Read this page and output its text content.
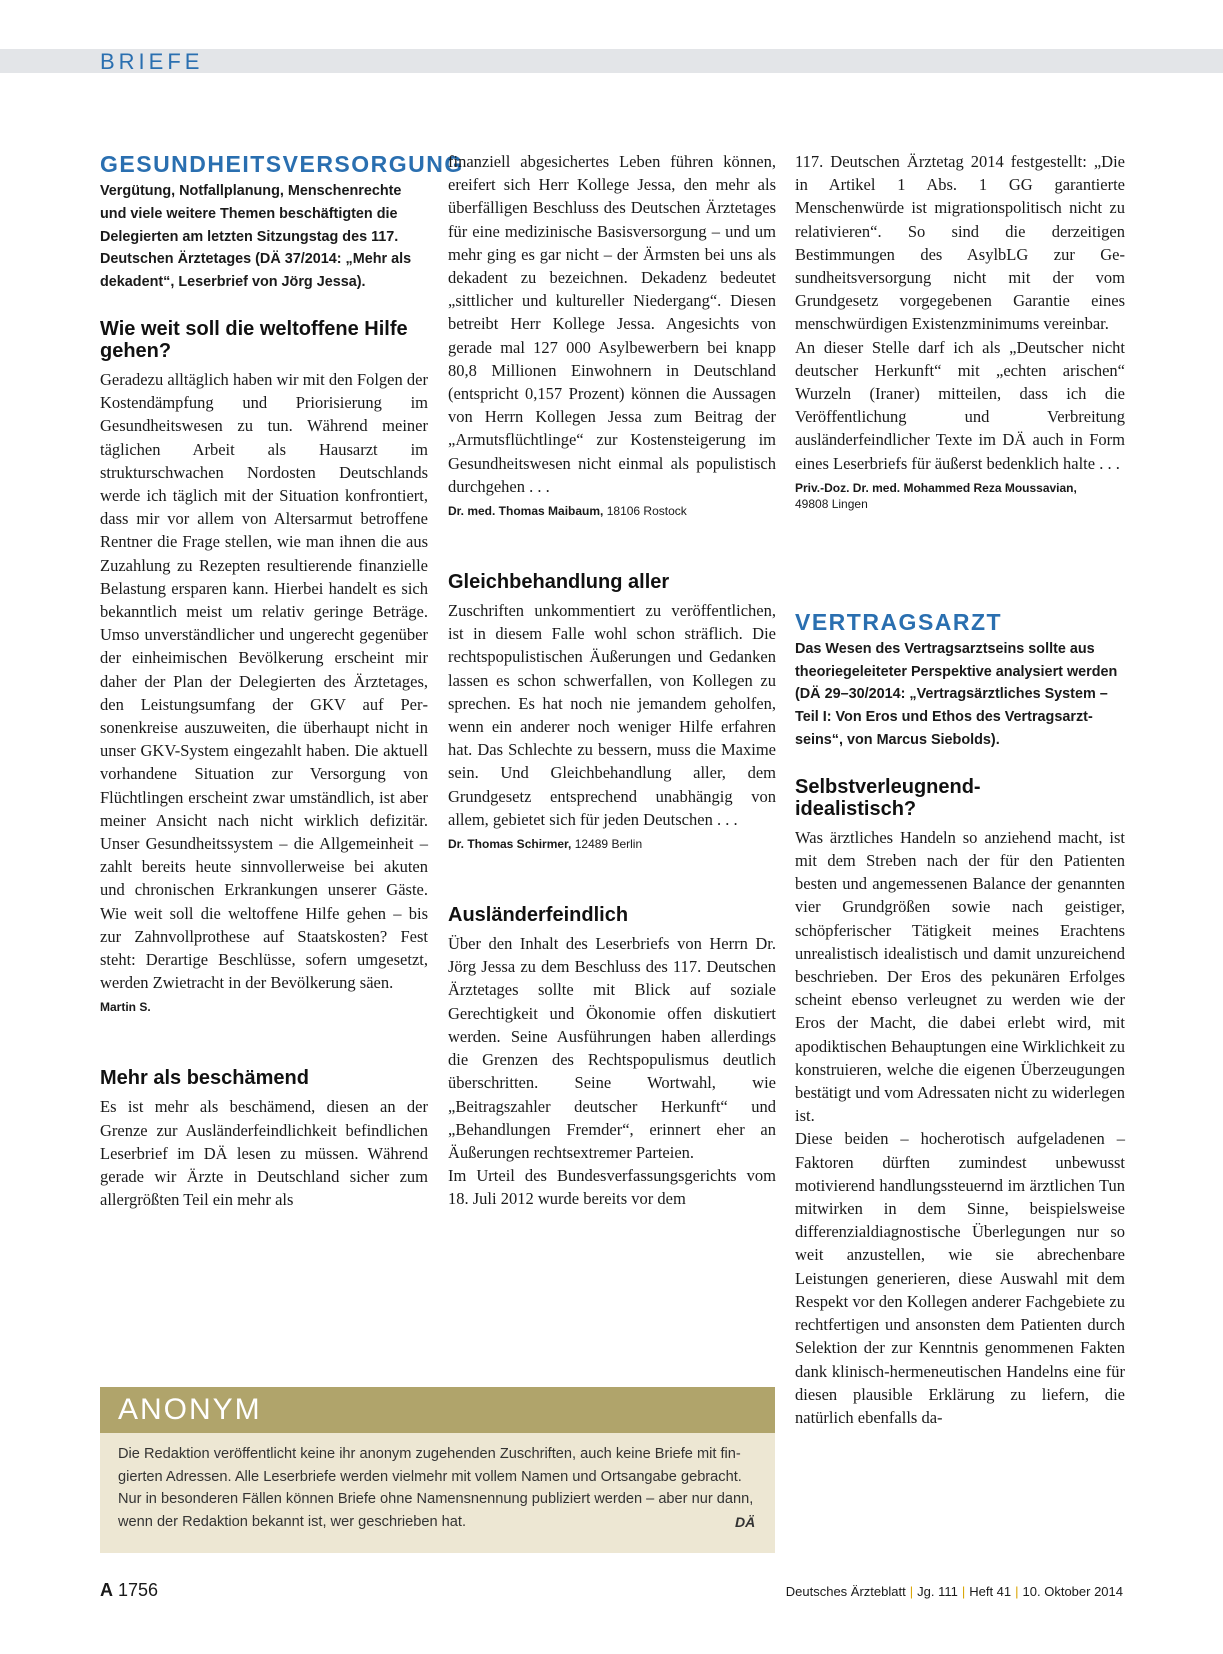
BRIEFE
GESUNDHEITSVERSORGUNG

Vergütung, Notfallplanung, Menschenrechte und viele weitere Themen beschäftigten die Delegierten am letzten Sitzungstag des 117. Deutschen Ärztetages (DÄ 37/2014: „Mehr als dekadent“, Leserbrief von Jörg Jessa).

Wie weit soll die weltoffene Hilfe gehen?

Geradezu alltäglich haben wir mit den Folgen der Kostendämpfung und Priorisierung im Gesundheitswesen zu tun. Während meiner täglichen Arbeit als Hausarzt im strukturschwachen Nordosten Deutschlands werde ich täglich mit der Situation konfrontiert, dass mir vor allem von Altersarmut betroffene Rentner die Frage stellen, wie man ihnen die aus Zuzahlung zu Rezepten resultierende finanzielle Belastung ersparen kann. Hierbei handelt es sich bekanntlich meist um relativ geringe Beträge. Umso unverständlicher und ungerecht gegenüber der einheimischen Bevölkerung erscheint mir daher der Plan der Delegierten des Ärztetages, den Leistungsumfang der GKV auf Personenkreise auszuweiten, die überhaupt nicht in unser GKV-System eingezahlt haben. Die aktuell vorhandene Situation zur Versorgung von Flüchtlingen erscheint zwar umständlich, ist aber meiner Ansicht nach nicht wirklich defizitär. Unser Gesundheitssystem – die Allgemeinheit – zahlt bereits heute sinnvollerweise bei akuten und chronischen Erkrankungen unserer Gäste. Wie weit soll die weltoffene Hilfe gehen – bis zur Zahnvollprothese auf Staatskosten? Fest steht: Derartige Beschlüsse, sofern umgesetzt, werden Zwietracht in der Bevölkerung säen.

Martin S.

Mehr als beschämend

Es ist mehr als beschämend, diesen an der Grenze zur Ausländerfeindlichkeit befindlichen Leserbrief im DÄ lesen zu müssen. Während gerade wir Ärzte in Deutschland sicher zum allergrößten Teil ein mehr als

finanziell abgesichertes Leben führen können, ereifert sich Herr Kollege Jessa, den mehr als überfälligen Beschluss des Deutschen Ärztetages für eine medizinische Basisversorgung – und um mehr ging es gar nicht – der Ärmsten bei uns als dekadent zu bezeichnen. Dekadenz bedeutet „sittlicher und kultureller Niedergang“. Diesen betreibt Herr Kollege Jessa. Angesichts von gerade mal 127 000 Asylbewerbern bei knapp 80,8 Millionen Einwohnern in Deutschland (entspricht 0,157 Prozent) können die Aussagen von Herrn Kollegen Jessa zum Beitrag der „Armutsflüchtlinge“ zur Kostensteigerung im Gesundheitswesen nicht einmal als populistisch durchgehen . . .

Dr. med. Thomas Maibaum, 18106 Rostock

Gleichbehandlung aller

Zuschriften unkommentiert zu veröffentlichen, ist in diesem Falle wohl schon sträflich. Die rechtspopulistischen Äußerungen und Gedanken lassen es schon schwerfallen, von Kollegen zu sprechen. Es hat noch nie jemandem geholfen, wenn ein anderer noch weniger Hilfe erfahren hat. Das Schlechte zu bessern, muss die Maxime sein. Und Gleichbehandlung aller, dem Grundgesetz entsprechend unabhängig von allem, gebietet sich für jeden Deutschen . . .

Dr. Thomas Schirmer, 12489 Berlin

Ausländerfeindlich

Über den Inhalt des Leserbriefs von Herrn Dr. Jörg Jessa zu dem Beschluss des 117. Deutschen Ärztetages sollte mit Blick auf soziale Gerechtigkeit und Ökonomie offen diskutiert werden. Seine Ausführungen haben allerdings die Grenzen des Rechtspopulismus deutlich überschritten. Seine Wortwahl, wie „Beitragszahler deutscher Herkunft“ und „Behandlungen Fremder“, erinnert eher an Äußerungen rechtsextremer Parteien.

Im Urteil des Bundesverfassungsgerichts vom 18. Juli 2012 wurde bereits vor dem

117. Deutschen Ärztetag 2014 festgestellt: „Die in Artikel 1 Abs. 1 GG garantierte Menschenwürde ist migrationspolitisch nicht zu relativieren“. So sind die derzeitigen Bestimmungen des AsylbLG zur Gesundheitsversorgung nicht mit der vom Grundgesetz vorgegebenen Garantie eines menschwürdigen Existenzminimums vereinbar.

An dieser Stelle darf ich als „Deutscher nicht deutscher Herkunft“ mit „echten arischen“ Wurzeln (Iraner) mitteilen, dass ich die Veröffentlichung und Verbreitung ausländerfeindlicher Texte im DÄ auch in Form eines Leserbriefs für äußerst bedenklich halte . . .

Priv.-Doz. Dr. med. Mohammed Reza Moussavian,
49808 Lingen

VERTRAGSARZT

Das Wesen des Vertragsarztseins sollte aus theoriegeleiteter Perspektive analysiert werden (DÄ 29–30/2014: „Vertragsärztliches System – Teil I: Von Eros und Ethos des Vertragsarztseins“, von Marcus Siebolds).

Selbstverleugnend-idealistisch?

Was ärztliches Handeln so anziehend macht, ist mit dem Streben nach der für den Patienten besten und angemessenen Balance der genannten vier Grundgrößen sowie nach geistiger, schöpferischer Tätigkeit meines Erachtens unrealistisch idealistisch und damit unzureichend beschrieben. Der Eros des pekunären Erfolges scheint ebenso verleugnet zu werden wie der Eros der Macht, die dabei erlebt wird, mit apodiktischen Behauptungen eine Wirklichkeit zu konstruieren, welche die eigenen Überzeugungen bestätigt und vom Adressaten nicht zu widerlegen ist.

Diese beiden – hocherotisch aufgeladenen – Faktoren dürften zumindest unbewusst motivierend handlungssteuernd im ärztlichen Tun mitwirken in dem Sinne, beispielsweise differenzialdiagnostische Überlegungen nur so weit anzustellen, wie sie abrechenbare Leistungen generieren, diese Auswahl mit dem Respekt vor den Kollegen anderer Fachgebiete zu rechtfertigen und ansonsten dem Patienten durch Selektion der zur Kenntnis genommenen Fakten dank klinisch-hermeneutischen Handelns eine für diesen plausible Erklärung zu liefern, die natürlich ebenfalls da-

ANONYM

Die Redaktion veröffentlicht keine ihr anonym zugehenden Zuschriften, auch keine Briefe mit fingierten Adressen. Alle Leserbriefe werden vielmehr mit vollem Namen und Ortsangabe gebracht. Nur in besonderen Fällen können Briefe ohne Namensnennung publiziert werden – aber nur dann, wenn der Redaktion bekannt ist, wer geschrieben hat.	DÄ
A 1756	Deutsches Ärzteblatt | Jg. 111 | Heft 41 | 10. Oktober 2014
